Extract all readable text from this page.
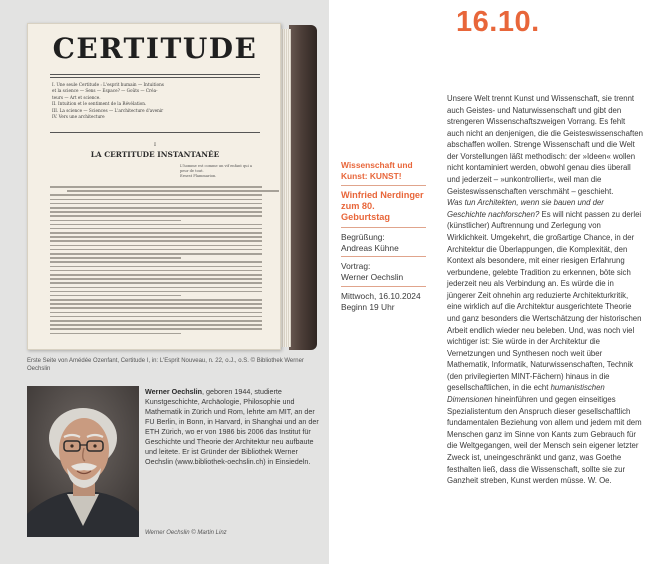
CERTITUDE
I. Une seule Certitude : L'esprit humain — Intuitions
et la science — Sens — Espace? — Goûts — Créa-
teurs — Art et science.
II. Intuition et le sentiment de la Révélation.
III. La science — Sciences — L'architecture d'avenir
IV. Vers une architecture
I
LA CERTITUDE INSTANTANÉE
L'homme est comme un vif enfant qui a peur de tout.
Ernest Flammarion.
Erste Seite von Amédée Ozenfant, Certitude I, in: L'Esprit Nouveau, n. 22, o.J., o.S. © Bibliothek Werner Oechslin
Werner Oechslin, geboren 1944, studierte Kunstgeschichte, Archäologie, Philosophie und Mathematik in Zürich und Rom, lehrte am MIT, an der FU Berlin, in Bonn, in Harvard, in Shanghai und an der ETH Zürich, wo er von 1986 bis 2006 das Institut für Geschichte und Theorie der Architektur neu aufbaute und leitete. Er ist Gründer der Bibliothek Werner Oechslin (www.bibliothek-oechslin.ch) in Einsiedeln.
Werner Oechslin © Martin Linz
16.10.
Wissenschaft und Kunst: KUNST!
Winfried Nerdinger zum 80. Geburtstag
Begrüßung:
Andreas Kühne
Vortrag:
Werner Oechslin
Mittwoch, 16.10.2024
Beginn 19 Uhr

Unsere Welt trennt Kunst und Wissenschaft, sie trennt auch Geistes- und Naturwissenschaft und gibt den strengeren Wissenschaftszweigen Vorrang. Es fehlt auch nicht an denjenigen, die die Geisteswissenschaften abschaffen wollen. Strenge Wissenschaft und die Welt der Vorstellungen läßt methodisch: der »Ideen« wollen nicht kontaminiert werden, obwohl genau dies überall und jederzeit – »unkontrolliert«, weil man die Geisteswissenschaften verschmäht – geschieht.

Was tun Architekten, wenn sie bauen und der Geschichte nachforschen? Es will nicht passen zu derlei (künstlicher) Auftrennung und Zerlegung von Wirklichkeit. Umgekehrt, die großartige Chance, in der Architektur die Überlappungen, die Komplexität, den Kontext als besondere, mit einer riesigen Erfahrung verbundene, gelebte Tradition zu erkennen, böte sich jederzeit neu als Verbindung an. Es würde die in jüngerer Zeit ohnehin arg reduzierte Architekturkritik, eine wirklich auf die Architektur ausgerichtete Theorie und ganz besonders die Wertschätzung der historischen Arbeit endlich wieder neu beleben. Und, was noch viel wichtiger ist: Sie würde in der Architektur die Vernetzungen und Synthesen noch weit über Mathematik, Informatik, Naturwissenschaften, Technik (den privilegierten MINT-Fächern) hinaus in die gesellschaftlichen, in die echt humanistischen Dimensionen hineinführen und gegen einseitiges Spezialistentum den Anspruch dieser gesellschaftlich fundamentalen Beziehung von allem und jedem mit dem Menschen ganz im Sinne von Kants zum Gebrauch für die Weltgegangen, weil der Mensch sein eigener letzter Zweck ist, uneingeschränkt und ganz, was Goethe festhalten ließ, dass die Wissenschaft, sollte sie zur Ganzheit streben, Kunst werden müsse. W. Oe.
